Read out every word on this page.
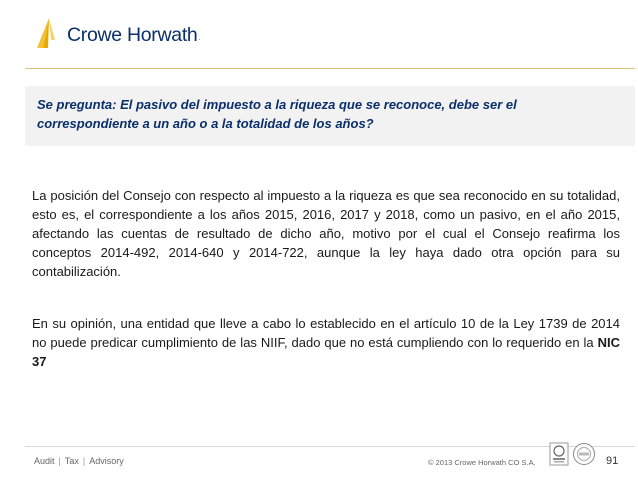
Crowe Horwath.
Se pregunta: El pasivo del impuesto a la riqueza que se reconoce, debe ser el correspondiente a un año o a la totalidad de los años?
La posición del Consejo con respecto al impuesto a la riqueza es que sea reconocido en su totalidad, esto es, el correspondiente a los años 2015, 2016, 2017 y 2018, como un pasivo, en el año 2015, afectando las cuentas de resultado de dicho año, motivo por el cual el Consejo reafirma los conceptos 2014-492, 2014-640 y 2014-722, aunque la ley haya dado otra opción para su contabilización.
En su opinión, una entidad que lleve a cabo lo establecido en el artículo 10 de la Ley 1739 de 2014 no puede predicar cumplimiento de las NIIF, dado que no está cumpliendo con lo requerido en la NIC 37
Audit | Tax | Advisory	© 2013 Crowe Horwath CO S.A.	91
